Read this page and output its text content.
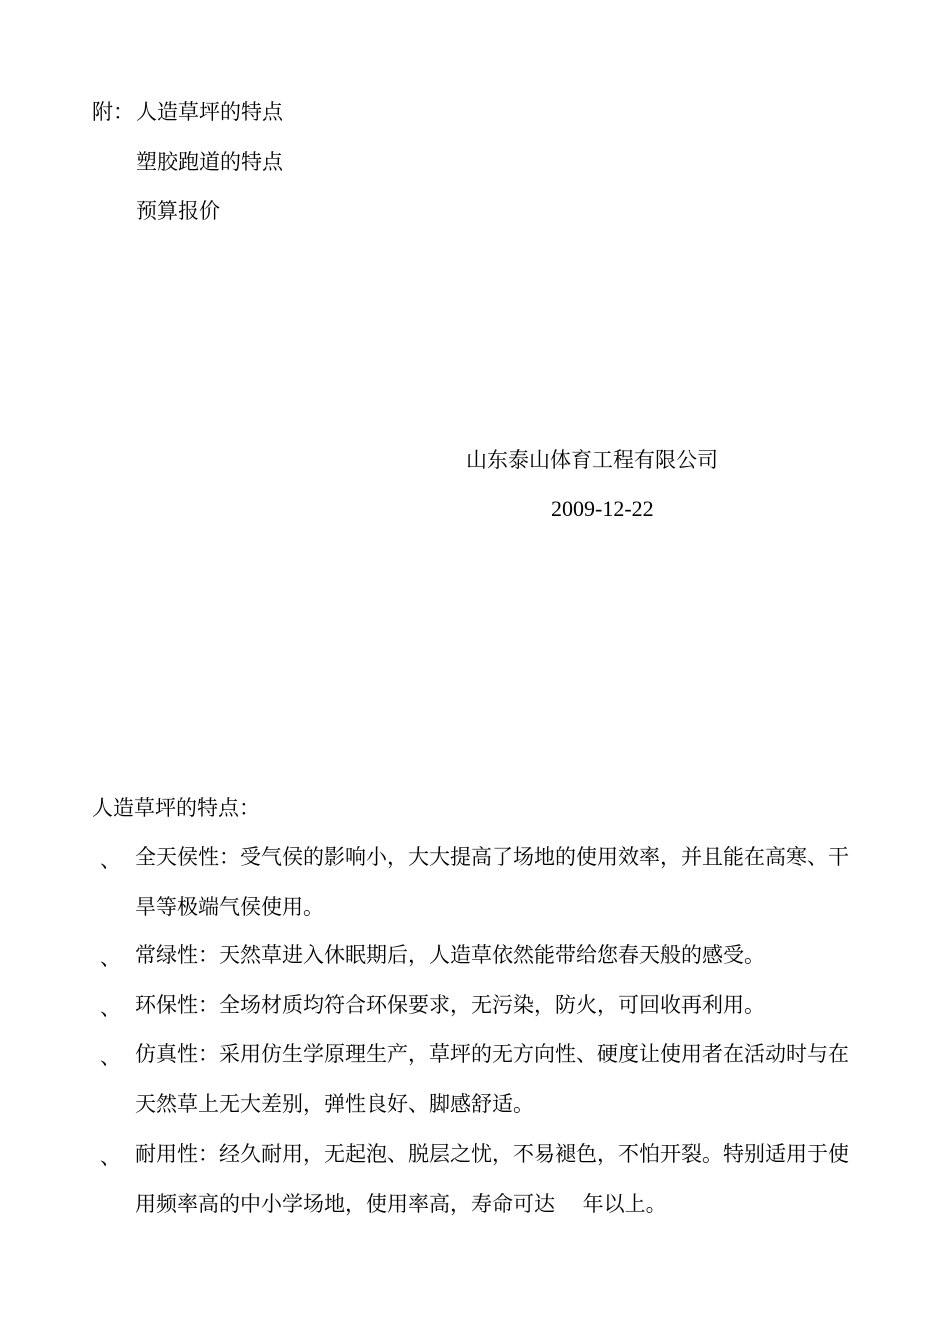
附： 人造草坪的特点
塑胶跑道的特点
预算报价
山东泰山体育工程有限公司
2009-12-22
人造草坪的特点：
、 全天侯性：受气侯的影响小，大大提高了场地的使用效率，并且能在高寒、干旱等极端气侯使用。
、 常绿性：天然草进入休眠期后，人造草依然能带给您春天般的感受。
、 环保性：全场材质均符合环保要求，无污染，防火，可回收再利用。
、 仿真性：采用仿生学原理生产，草坪的无方向性、硬度让使用者在活动时与在天然草上无大差别，弹性良好、脚感舒适。
、 耐用性：经久耐用，无起泡、脱层之忧，不易褪色，不怕开裂。特别适用于使用频率高的中小学场地，使用率高，寿命可达　 年以上。
